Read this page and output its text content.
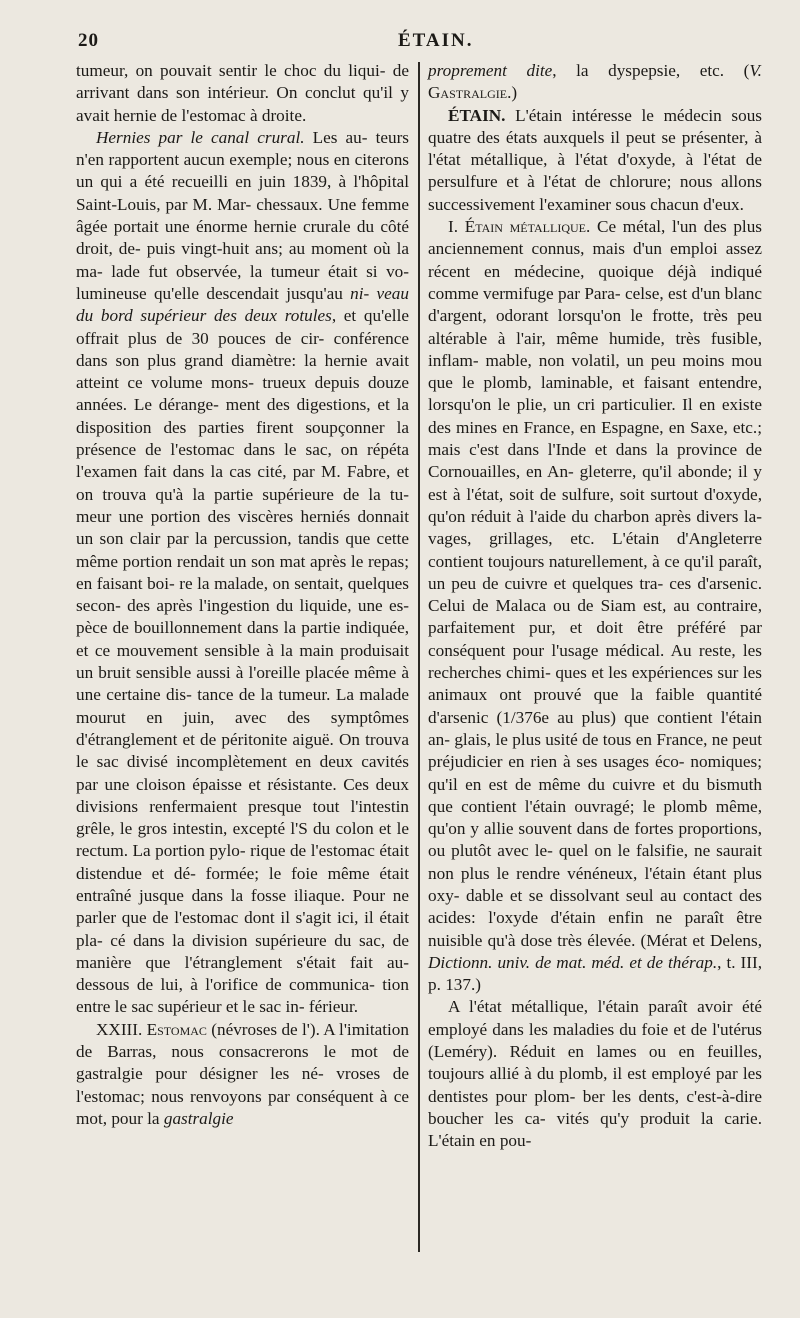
20	ÉTAIN.

tumeur, on pouvait sentir le choc du liqui- de arrivant dans son intérieur. On conclut qu'il y avait hernie de l'estomac à droite.

Hernies par le canal crural. Les au- teurs n'en rapportent aucun exemple; nous en citerons un qui a été recueilli en juin 1839, à l'hôpital Saint-Louis, par M. Mar- chessaux. Une femme âgée portait une énorme hernie crurale du côté droit, de- puis vingt-huit ans; au moment où la ma- lade fut observée, la tumeur était si vo- lumineuse qu'elle descendait jusqu'au ni- veau du bord supérieur des deux rotules, et qu'elle offrait plus de 30 pouces de cir- conférence dans son plus grand diamètre: la hernie avait atteint ce volume mons- trueux depuis douze années. Le dérange- ment des digestions, et la disposition des parties firent soupçonner la présence de l'estomac dans le sac, on répéta l'examen fait dans la cas cité, par M. Fabre, et on trouva qu'à la partie supérieure de la tu- meur une portion des viscères herniés donnait un son clair par la percussion, tandis que cette même portion rendait un son mat après le repas; en faisant boi- re la malade, on sentait, quelques secon- des après l'ingestion du liquide, une es- pèce de bouillonnement dans la partie indiquée, et ce mouvement sensible à la main produisait un bruit sensible aussi à l'oreille placée même à une certaine dis- tance de la tumeur. La malade mourut en juin, avec des symptômes d'étranglement et de péritonite aiguë. On trouva le sac divisé incomplètement en deux cavités par une cloison épaisse et résistante. Ces deux divisions renfermaient presque tout l'intestin grêle, le gros intestin, excepté l'S du colon et le rectum. La portion pylo- rique de l'estomac était distendue et dé- formée; le foie même était entraîné jusque dans la fosse iliaque. Pour ne parler que de l'estomac dont il s'agit ici, il était pla- cé dans la division supérieure du sac, de manière que l'étranglement s'était fait au- dessous de lui, à l'orifice de communica- tion entre le sac supérieur et le sac in- férieur.

XXIII. Estomac (névroses de l'). A l'imitation de Barras, nous consacrerons le mot de gastralgie pour désigner les né- vroses de l'estomac; nous renvoyons par conséquent à ce mot, pour la gastralgie

proprement dite, la dyspepsie, etc. (V. Gastralgie.)

ÉTAIN. L'étain intéresse le médecin sous quatre des états auxquels il peut se présenter, à l'état métallique, à l'état d'oxyde, à l'état de persulfure et à l'état de chlorure; nous allons successivement l'examiner sous chacun d'eux.

I. Étain métallique. Ce métal, l'un des plus anciennement connus, mais d'un emploi assez récent en médecine, quoique déjà indiqué comme vermifuge par Para- celse, est d'un blanc d'argent, odorant lorsqu'on le frotte, très peu altérable à l'air, même humide, très fusible, inflam- mable, non volatil, un peu moins mou que le plomb, laminable, et faisant entendre, lorsqu'on le plie, un cri particulier. Il en existe des mines en France, en Espagne, en Saxe, etc.; mais c'est dans l'Inde et dans la province de Cornouailles, en An- gleterre, qu'il abonde; il y est à l'état, soit de sulfure, soit surtout d'oxyde, qu'on réduit à l'aide du charbon après divers la- vages, grillages, etc. L'étain d'Angleterre contient toujours naturellement, à ce qu'il paraît, un peu de cuivre et quelques tra- ces d'arsenic. Celui de Malaca ou de Siam est, au contraire, parfaitement pur, et doit être préféré par conséquent pour l'usage médical. Au reste, les recherches chimi- ques et les expériences sur les animaux ont prouvé que la faible quantité d'arsenic (1/376e au plus) que contient l'étain an- glais, le plus usité de tous en France, ne peut préjudicier en rien à ses usages éco- nomiques; qu'il en est de même du cuivre et du bismuth que contient l'étain ouvragé; le plomb même, qu'on y allie souvent dans de fortes proportions, ou plutôt avec le- quel on le falsifie, ne saurait non plus le rendre vénéneux, l'étain étant plus oxy- dable et se dissolvant seul au contact des acides: l'oxyde d'étain enfin ne paraît être nuisible qu'à dose très élevée. (Mérat et Delens, Dictionn. univ. de mat. méd. et de thérap., t. III, p. 137.)

A l'état métallique, l'étain paraît avoir été employé dans les maladies du foie et de l'utérus (Leméry). Réduit en lames ou en feuilles, toujours allié à du plomb, il est employé par les dentistes pour plom- ber les dents, c'est-à-dire boucher les ca- vités qu'y produit la carie. L'étain en pou-
